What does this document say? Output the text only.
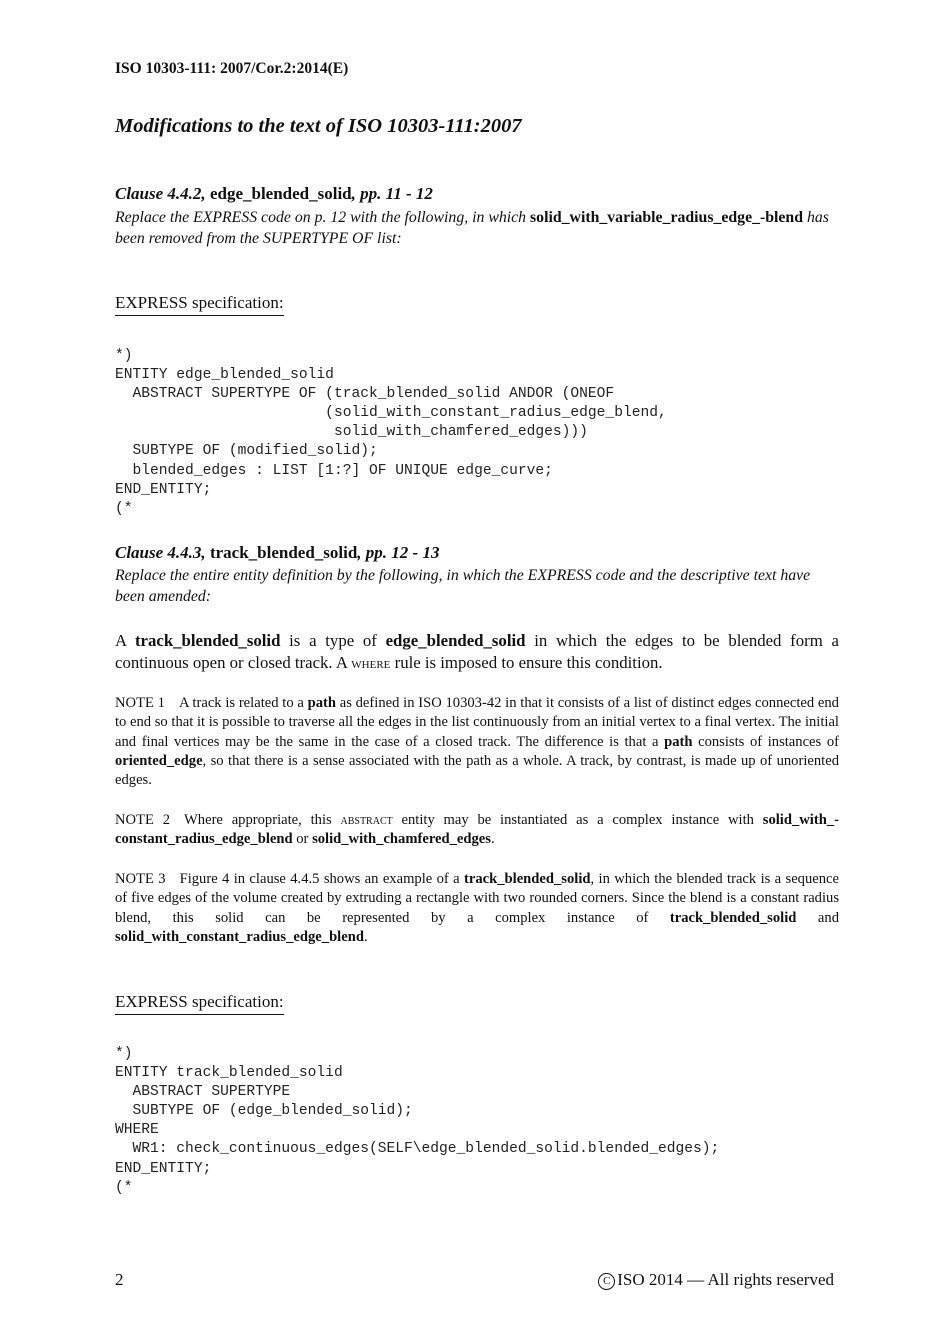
ISO 10303-111: 2007/Cor.2:2014(E)
Modifications to the text of ISO 10303-111:2007
Clause 4.4.2, edge_blended_solid, pp. 11 - 12
Replace the EXPRESS code on p. 12 with the following, in which solid_with_variable_radius_edge_-blend has been removed from the SUPERTYPE OF list:
EXPRESS specification:
*)
ENTITY edge_blended_solid
ABSTRACT SUPERTYPE OF (track_blended_solid ANDOR (ONEOF
(solid_with_constant_radius_edge_blend,
solid_with_chamfered_edges)))
SUBTYPE OF (modified_solid);
blended_edges : LIST [1:?] OF UNIQUE edge_curve;
END_ENTITY;
(*
Clause 4.4.3, track_blended_solid, pp. 12 - 13
Replace the entire entity definition by the following, in which the EXPRESS code and the descriptive text have been amended:
A track_blended_solid is a type of edge_blended_solid in which the edges to be blended form a continuous open or closed track. A where rule is imposed to ensure this condition.
NOTE 1 A track is related to a path as defined in ISO 10303-42 in that it consists of a list of distinct edges connected end to end so that it is possible to traverse all the edges in the list continuously from an initial vertex to a final vertex. The initial and final vertices may be the same in the case of a closed track. The difference is that a path consists of instances of oriented_edge, so that there is a sense associated with the path as a whole. A track, by contrast, is made up of unoriented edges.
NOTE 2 Where appropriate, this abstract entity may be instantiated as a complex instance with solid_with_-constant_radius_edge_blend or solid_with_chamfered_edges.
NOTE 3 Figure 4 in clause 4.4.5 shows an example of a track_blended_solid, in which the blended track is a sequence of five edges of the volume created by extruding a rectangle with two rounded corners. Since the blend is a constant radius blend, this solid can be represented by a complex instance of track_blended_solid and solid_with_constant_radius_edge_blend.
EXPRESS specification:
*)
ENTITY track_blended_solid
ABSTRACT SUPERTYPE
SUBTYPE OF (edge_blended_solid);
WHERE
WR1: check_continuous_edges(SELF\edge_blended_solid.blended_edges);
END_ENTITY;
(*
2	C ISO 2014 — All rights reserved
